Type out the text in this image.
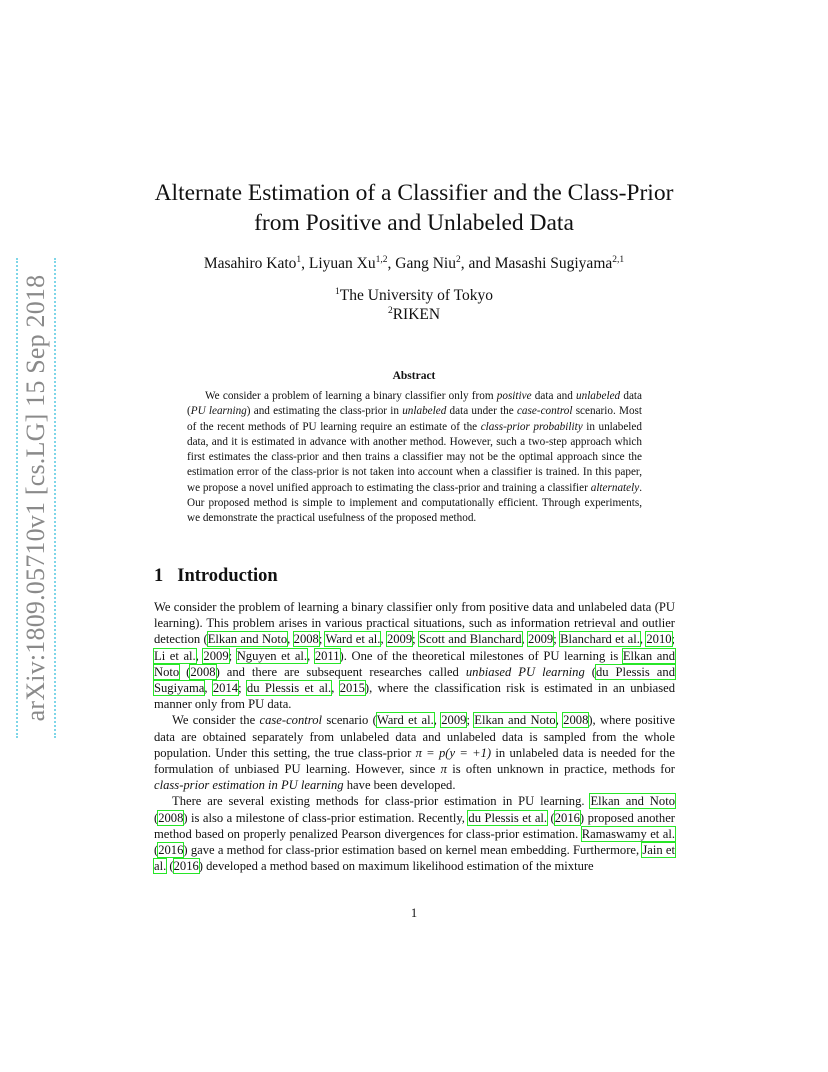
arXiv:1809.05710v1 [cs.LG] 15 Sep 2018
Alternate Estimation of a Classifier and the Class-Prior
from Positive and Unlabeled Data
Masahiro Kato$^1$, Liyuan Xu$^{1,2}$, Gang Niu$^2$, and Masashi Sugiyama$^{2,1}$
$^1$The University of Tokyo
$^2$RIKEN
Abstract

We consider a problem of learning a binary classifier only from positive data and unlabeled data (PU learning) and estimating the class-prior in unlabeled data under the case-control scenario. Most of the recent methods of PU learning require an estimate of the class-prior probability in unlabeled data, and it is estimated in advance with another method. However, such a two-step approach which first estimates the class-prior and then trains a classifier may not be the optimal approach since the estimation error of the class-prior is not taken into account when a classifier is trained. In this paper, we propose a novel unified approach to estimating the class-prior and training a classifier alternately. Our proposed method is simple to implement and computationally efficient. Through experiments, we demonstrate the practical usefulness of the proposed method.

1 Introduction

We consider the problem of learning a binary classifier only from positive data and unlabeled data (PU learning). This problem arises in various practical situations, such as information retrieval and outlier detection (Elkan and Noto, 2008; Ward et al., 2009; Scott and Blanchard, 2009; Blanchard et al., 2010; Li et al., 2009; Nguyen et al., 2011). One of the theoretical milestones of PU learning is Elkan and Noto (2008) and there are subsequent researches called unbiased PU learning (du Plessis and Sugiyama, 2014; du Plessis et al., 2015), where the classification risk is estimated in an unbiased manner only from PU data.

We consider the case-control scenario (Ward et al., 2009; Elkan and Noto, 2008), where positive data are obtained separately from unlabeled data and unlabeled data is sampled from the whole population. Under this setting, the true class-prior π = p(y = +1) in unlabeled data is needed for the formulation of unbiased PU learning. However, since π is often unknown in practice, methods for class-prior estimation in PU learning have been developed.

There are several existing methods for class-prior estimation in PU learning. Elkan and Noto (2008) is also a milestone of class-prior estimation. Recently, du Plessis et al. (2016) proposed another method based on properly penalized Pearson divergences for class-prior estimation. Ramaswamy et al. (2016) gave a method for class-prior estimation based on kernel mean embedding. Furthermore, Jain et al. (2016) developed a method based on maximum likelihood estimation of the mixture

1
